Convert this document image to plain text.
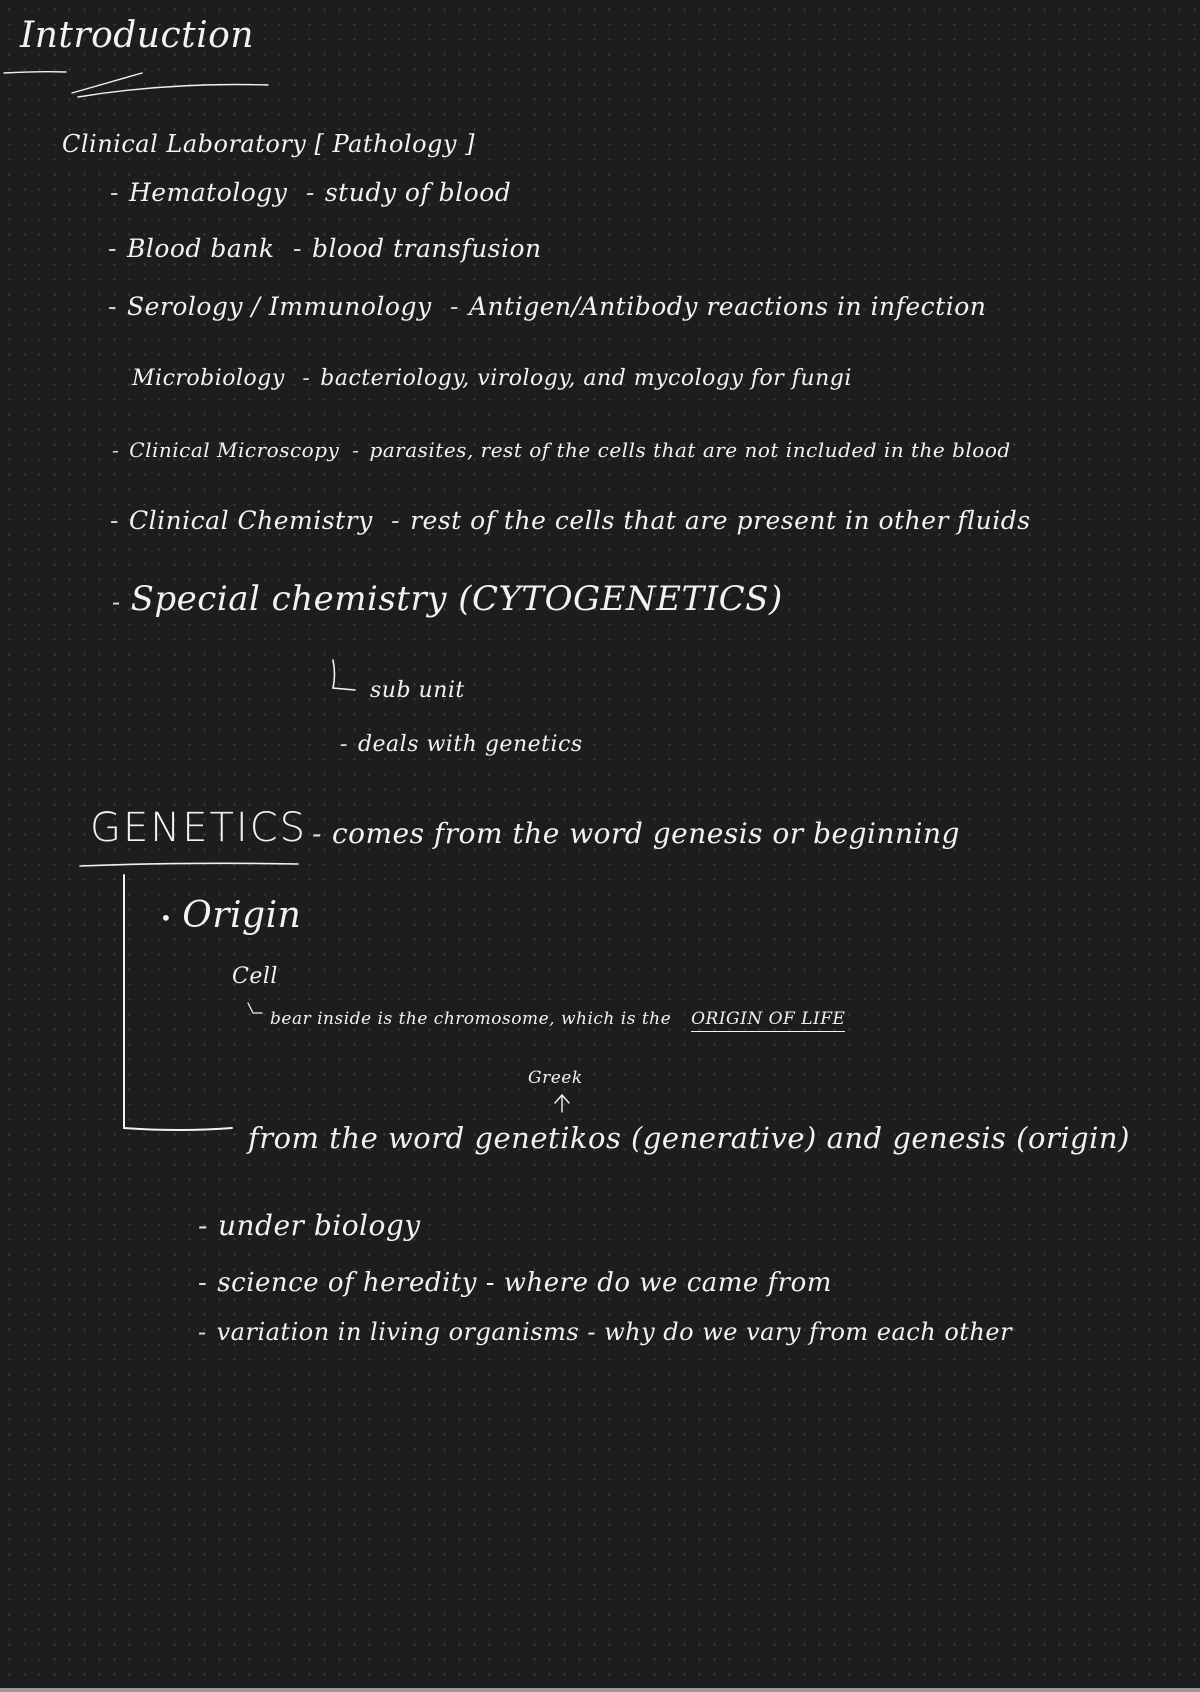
Introduction
Clinical Laboratory [ Pathology ]
- Hematology - study of blood
- Blood bank - blood transfusion
- Serology / Immunology - Antigen/Antibody reactions in infection
Microbiology - bacteriology, virology, and mycology for fungi
- Clinical Microscopy - parasites, rest of the cells that are not included in the blood
- Clinical Chemistry - rest of the cells that are present in other fluids
- Special chemistry (CYTOGENETICS)
sub unit
- deals with genetics
GENETICS - comes from the word genesis or beginning
• Origin
Cell
bear inside is the chromosome, which is the ORIGIN OF LIFE
Greek
from the word genetikos (generative) and genesis (origin)
- under biology
- science of heredity - where do we came from
- variation in living organisms - why do we vary from each other
